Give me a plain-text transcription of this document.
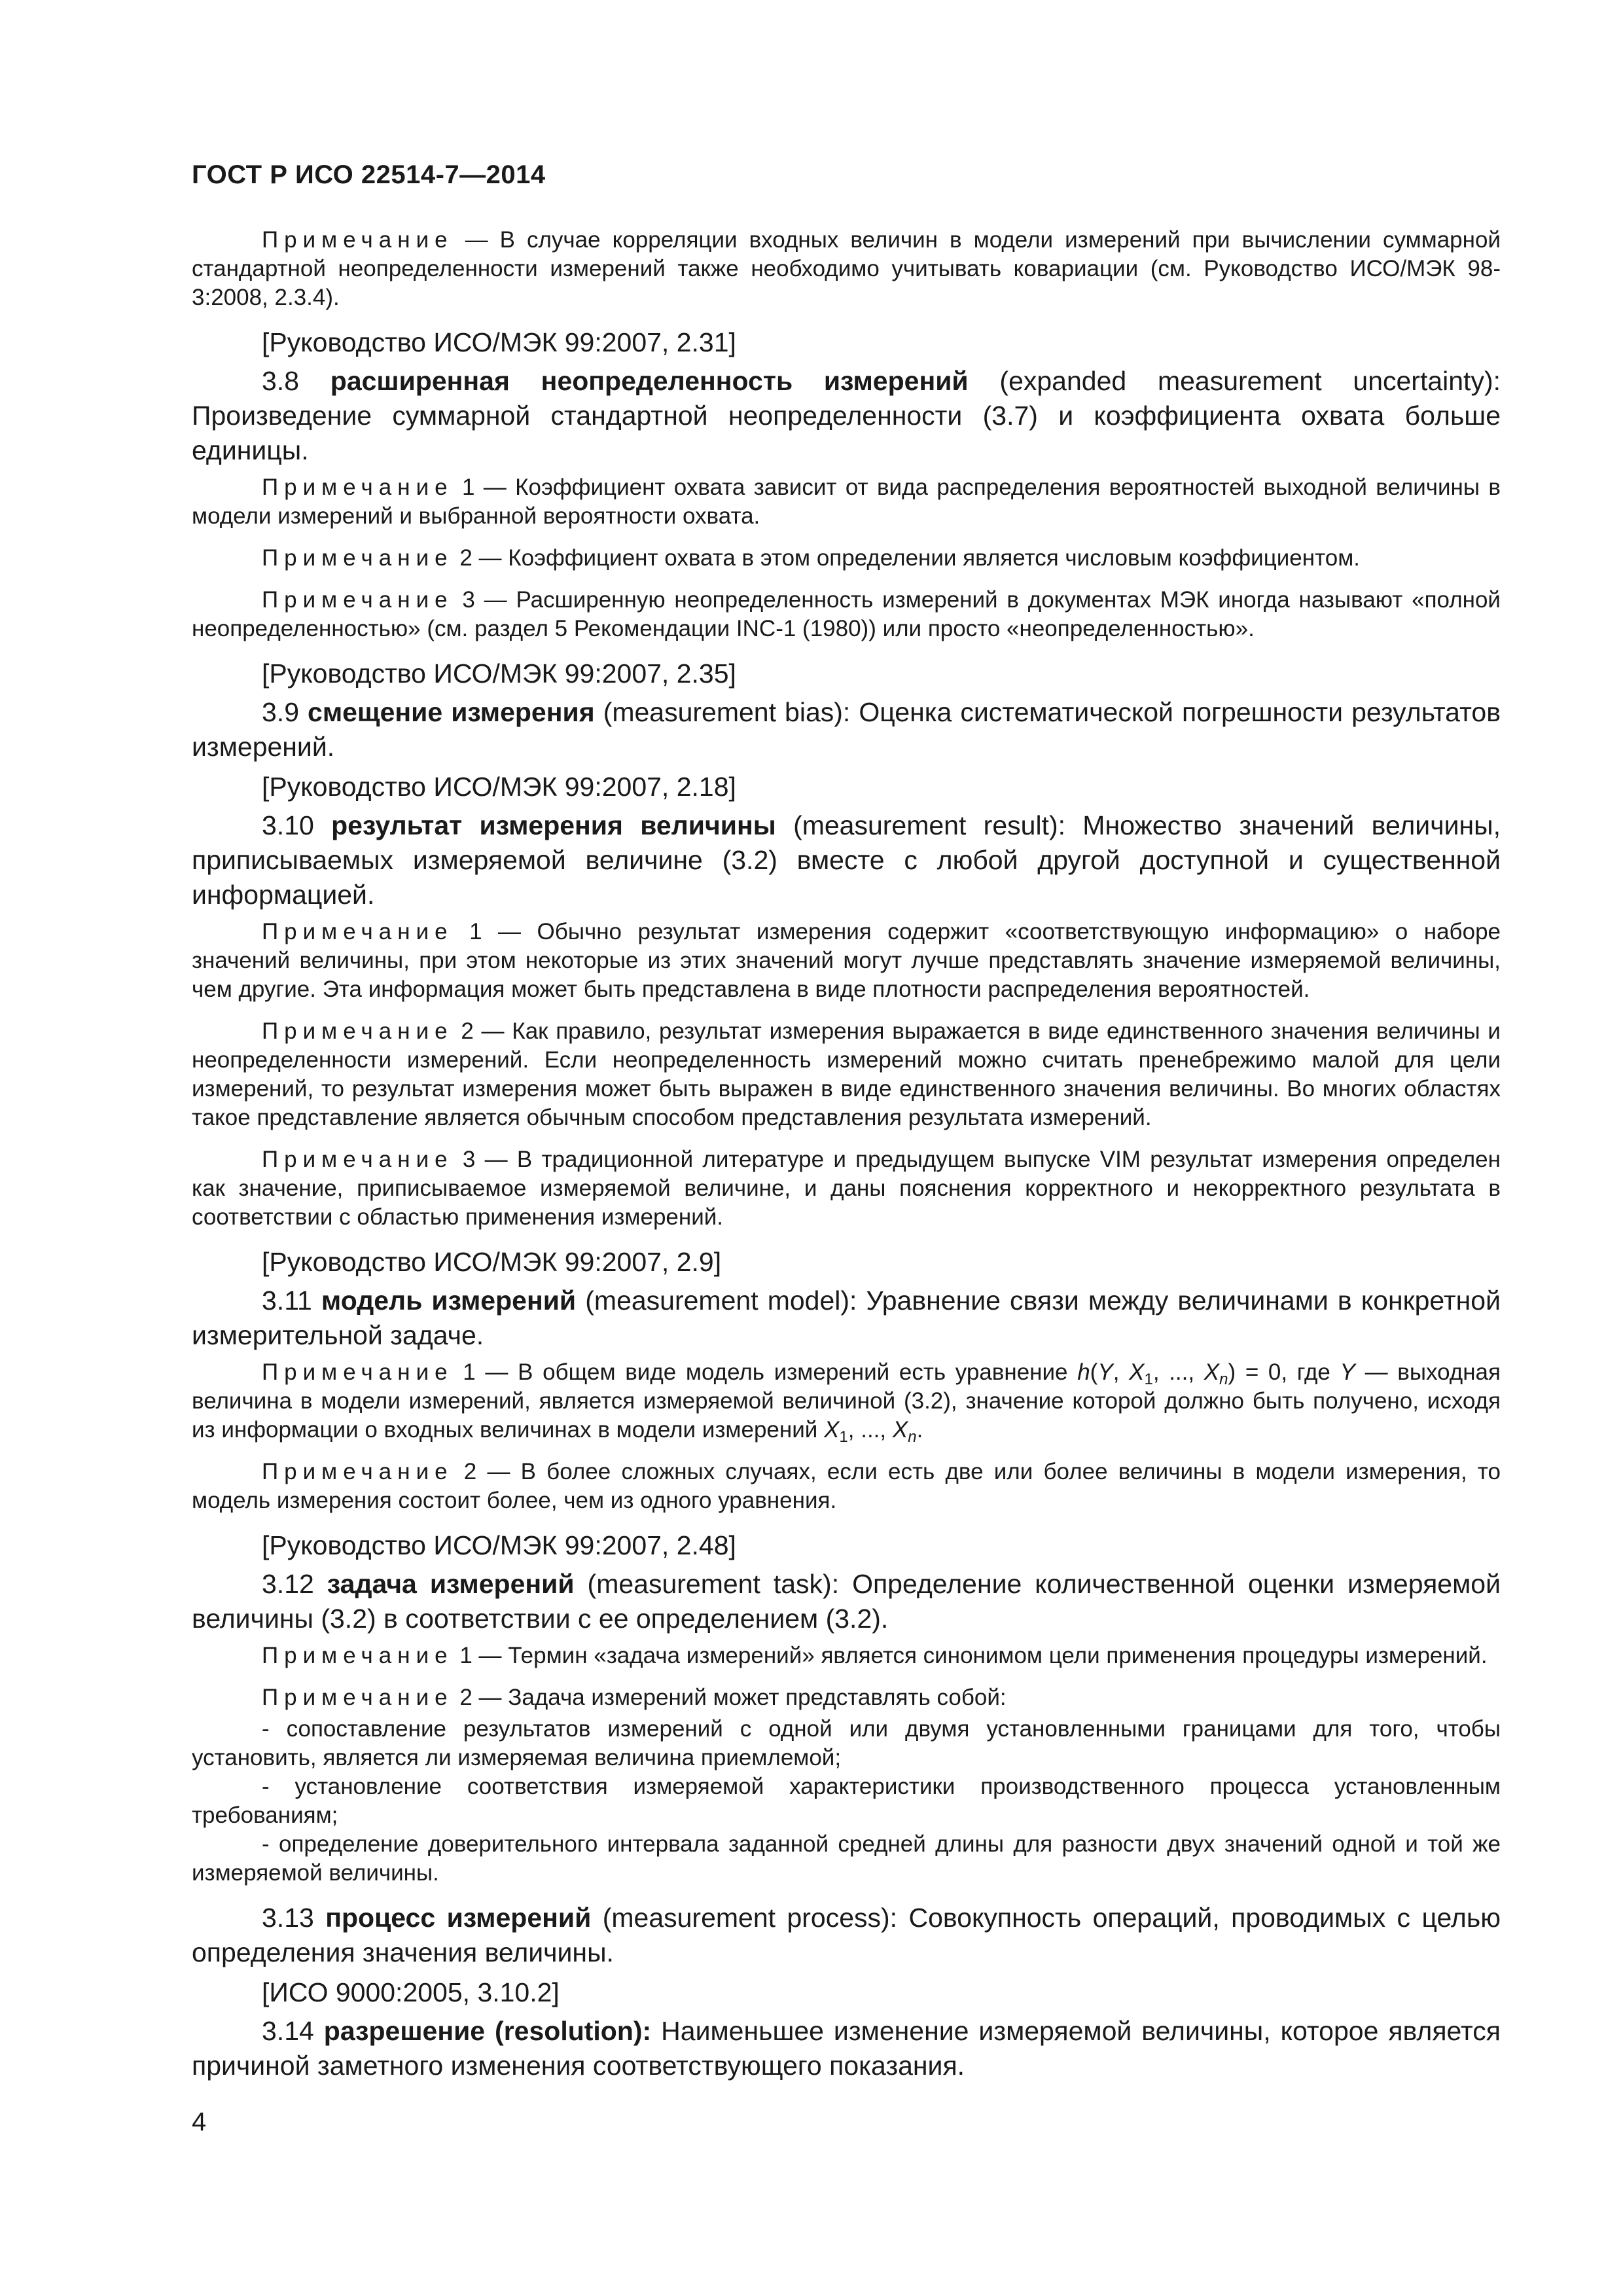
ГОСТ Р ИСО 22514-7—2014

Примечание — В случае корреляции входных величин в модели измерений при вычислении суммарной стандартной неопределенности измерений также необходимо учитывать ковариации (см. Руководство ИСО/МЭК 98-3:2008, 2.3.4).

[Руководство ИСО/МЭК 99:2007, 2.31]

3.8 расширенная неопределенность измерений (expanded measurement uncertainty): Произведение суммарной стандартной неопределенности (3.7) и коэффициента охвата больше единицы.

Примечание 1 — Коэффициент охвата зависит от вида распределения вероятностей выходной величины в модели измерений и выбранной вероятности охвата.

Примечание 2 — Коэффициент охвата в этом определении является числовым коэффициентом.

Примечание 3 — Расширенную неопределенность измерений в документах МЭК иногда называют «полной неопределенностью» (см. раздел 5 Рекомендации INC-1 (1980)) или просто «неопределенностью».

[Руководство ИСО/МЭК 99:2007, 2.35]

3.9 смещение измерения (measurement bias): Оценка систематической погрешности результатов измерений.

[Руководство ИСО/МЭК 99:2007, 2.18]

3.10 результат измерения величины (measurement result): Множество значений величины, приписываемых измеряемой величине (3.2) вместе с любой другой доступной и существенной информацией.

Примечание 1 — Обычно результат измерения содержит «соответствующую информацию» о наборе значений величины, при этом некоторые из этих значений могут лучше представлять значение измеряемой величины, чем другие. Эта информация может быть представлена в виде плотности распределения вероятностей.

Примечание 2 — Как правило, результат измерения выражается в виде единственного значения величины и неопределенности измерений. Если неопределенность измерений можно считать пренебрежимо малой для цели измерений, то результат измерения может быть выражен в виде единственного значения величины. Во многих областях такое представление является обычным способом представления результата измерений.

Примечание 3 — В традиционной литературе и предыдущем выпуске VIM результат измерения определен как значение, приписываемое измеряемой величине, и даны пояснения корректного и некорректного результата в соответствии с областью применения измерений.

[Руководство ИСО/МЭК 99:2007, 2.9]

3.11 модель измерений (measurement model): Уравнение связи между величинами в конкретной измерительной задаче.

Примечание 1 — В общем виде модель измерений есть уравнение h(Y, $X_1$, ..., $X_n) = 0$, где Y — выходная величина в модели измерений, является измеряемой величиной (3.2), значение которой должно быть получено, исходя из информации о входных величинах в модели измерений $X_1$, ..., $X_n$.

Примечание 2 — В более сложных случаях, если есть две или более величины в модели измерения, то модель измерения состоит более, чем из одного уравнения.

[Руководство ИСО/МЭК 99:2007, 2.48]

3.12 задача измерений (measurement task): Определение количественной оценки измеряемой величины (3.2) в соответствии с ее определением (3.2).

Примечание 1 — Термин «задача измерений» является синонимом цели применения процедуры измерений.

Примечание 2 — Задача измерений может представлять собой:

- сопоставление результатов измерений с одной или двумя установленными границами для того, чтобы установить, является ли измеряемая величина приемлемой;

- установление соответствия измеряемой характеристики производственного процесса установленным требованиям;

- определение доверительного интервала заданной средней длины для разности двух значений одной и той же измеряемой величины.

3.13 процесс измерений (measurement process): Совокупность операций, проводимых с целью определения значения величины.

[ИСО 9000:2005, 3.10.2]

3.14 разрешение (resolution): Наименьшее изменение измеряемой величины, которое является причиной заметного изменения соответствующего показания.

4
